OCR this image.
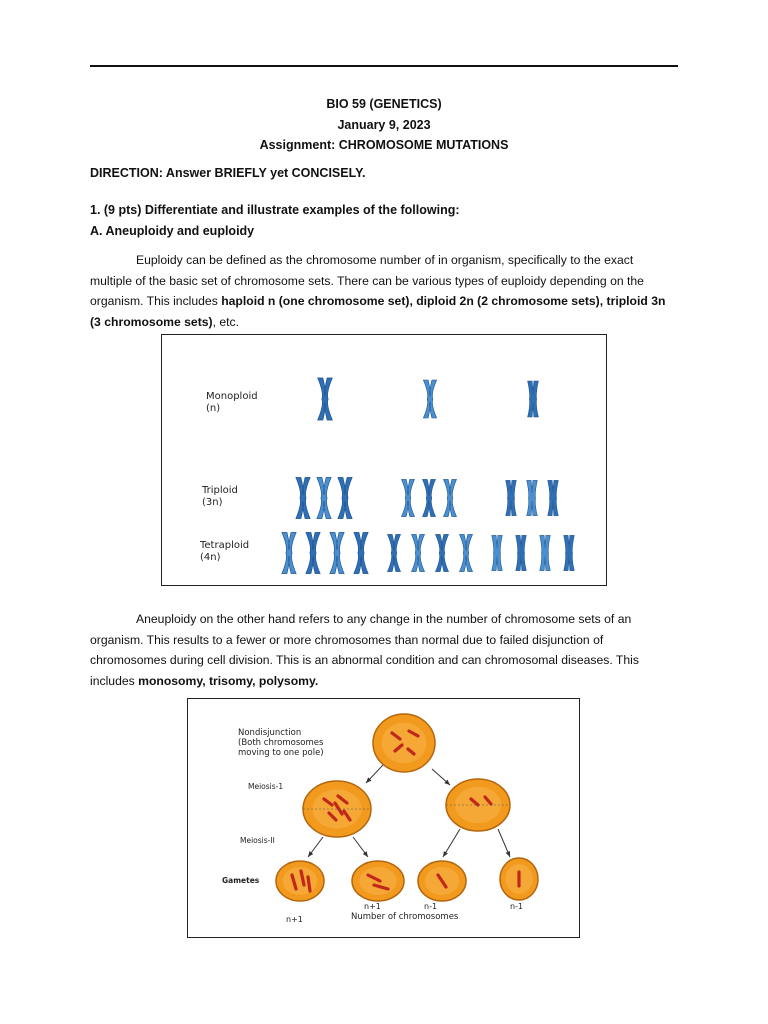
BIO 59 (GENETICS)
January 9, 2023
Assignment: CHROMOSOME MUTATIONS
DIRECTION: Answer BRIEFLY yet CONCISELY.
1. (9 pts) Differentiate and illustrate examples of the following:
A. Aneuploidy and euploidy
Euploidy can be defined as the chromosome number of in organism, specifically to the exact multiple of the basic set of chromosome sets. There can be various types of euploidy depending on the organism. This includes haploid n (one chromosome set), diploid 2n (2 chromosome sets), triploid 3n (3 chromosome sets), etc.
Monoploid
(n)
Triploid
(3n)
Tetraploid
(4n)
Aneuploidy on the other hand refers to any change in the number of chromosome sets of an organism. This results to a fewer or more chromosomes than normal due to failed disjunction of chromosomes during cell division. This is an abnormal condition and can chromosomal diseases. This includes monosomy, trisomy, polysomy.
Nondisjunction
(Both chromosomes
moving to one pole)
Meiosis-1
Meiosis-II
Gametes
n+1
n+1	n-1	n-1
Number of chromosomes
